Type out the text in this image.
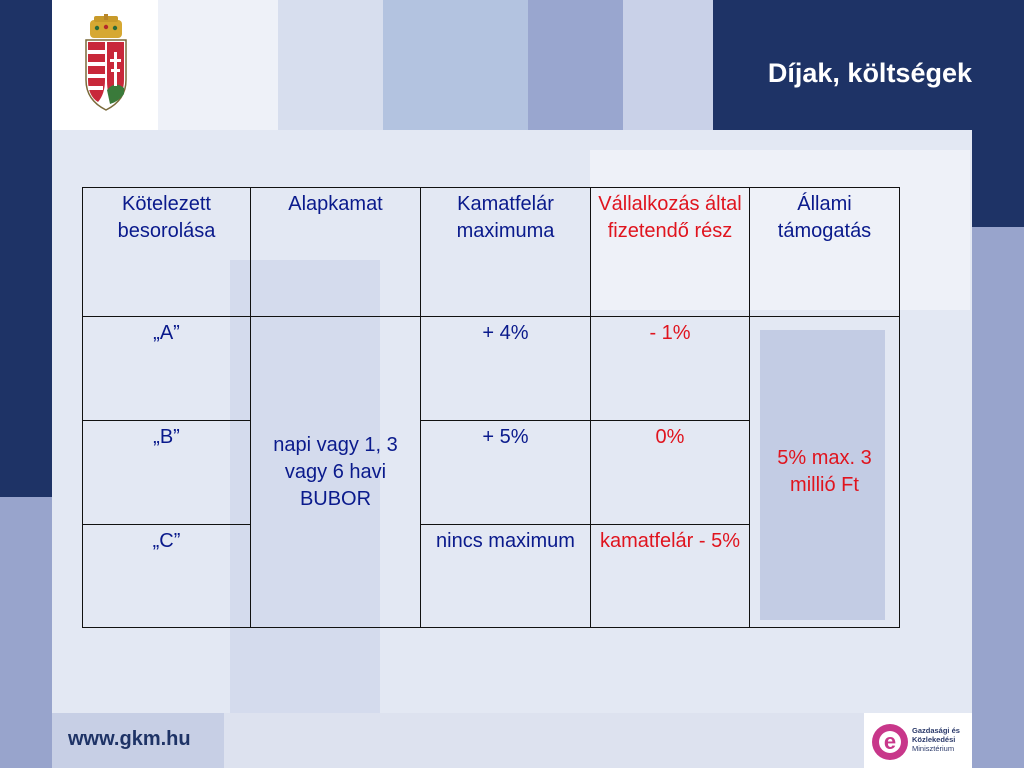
Díjak, költségek
Kötelezett besorolása	Alapkamat	Kamatfelár maximuma	Vállalkozás által fizetendő rész	Állami támogatás
„A”	napi vagy 1, 3 vagy 6 havi BUBOR	+ 4%	- 1%	5% max. 3 millió Ft
„B”		+ 5%	0%	
„C”		nincs maximum	kamatfelár - 5%	
www.gkm.hu	e	Gazdasági és
Közlekedési
Minisztérium
